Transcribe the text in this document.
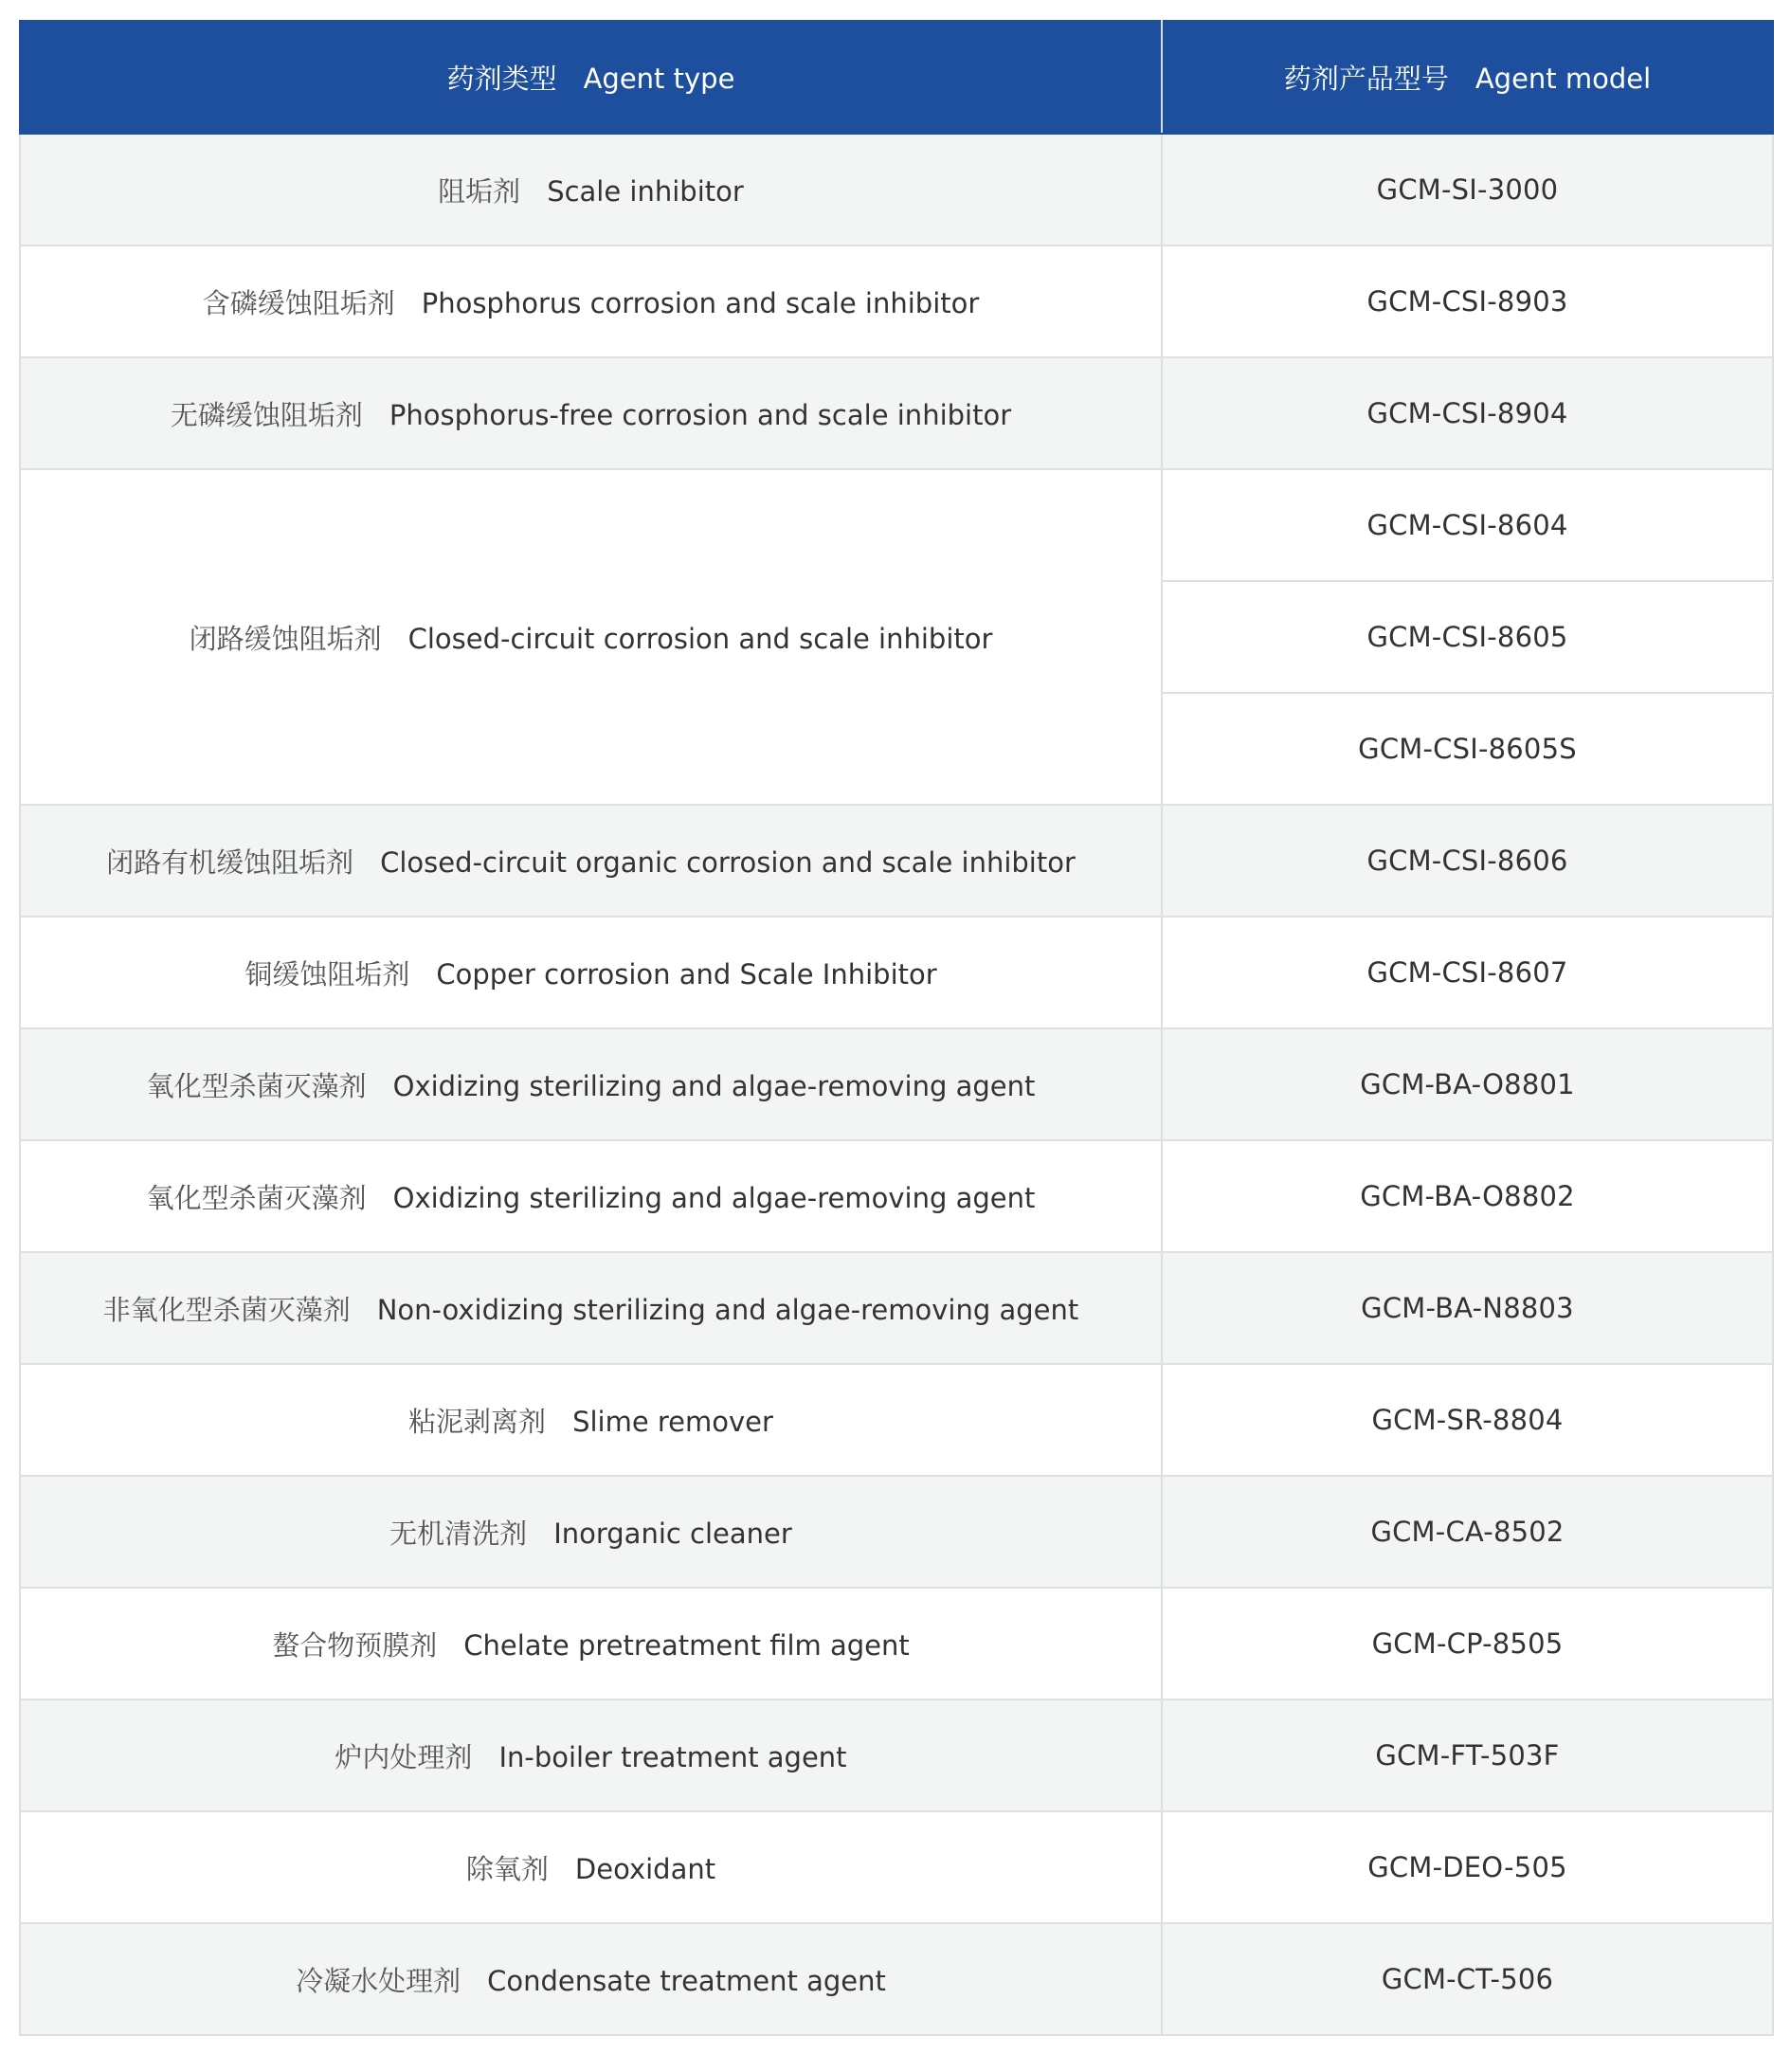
药剂类型 Agent type	药剂产品型号 Agent model
阻垢剂 Scale inhibitor	GCM-SI-3000
含磷缓蚀阻垢剂 Phosphorus corrosion and scale inhibitor	GCM-CSI-8903
无磷缓蚀阻垢剂 Phosphorus-free corrosion and scale inhibitor	GCM-CSI-8904
闭路缓蚀阻垢剂 Closed-circuit corrosion and scale inhibitor	GCM-CSI-8604
	GCM-CSI-8605
	GCM-CSI-8605S
闭路有机缓蚀阻垢剂 Closed-circuit organic corrosion and scale inhibitor	GCM-CSI-8606
铜缓蚀阻垢剂 Copper corrosion and Scale Inhibitor	GCM-CSI-8607
氧化型杀菌灭藻剂 Oxidizing sterilizing and algae-removing agent	GCM-BA-O8801
氧化型杀菌灭藻剂 Oxidizing sterilizing and algae-removing agent	GCM-BA-O8802
非氧化型杀菌灭藻剂 Non-oxidizing sterilizing and algae-removing agent	GCM-BA-N8803
粘泥剥离剂 Slime remover	GCM-SR-8804
无机清洗剂 Inorganic cleaner	GCM-CA-8502
螯合物预膜剂 Chelate pretreatment film agent	GCM-CP-8505
炉内处理剂 In-boiler treatment agent	GCM-FT-503F
除氧剂 Deoxidant	GCM-DEO-505
冷凝水处理剂 Condensate treatment agent	GCM-CT-506
